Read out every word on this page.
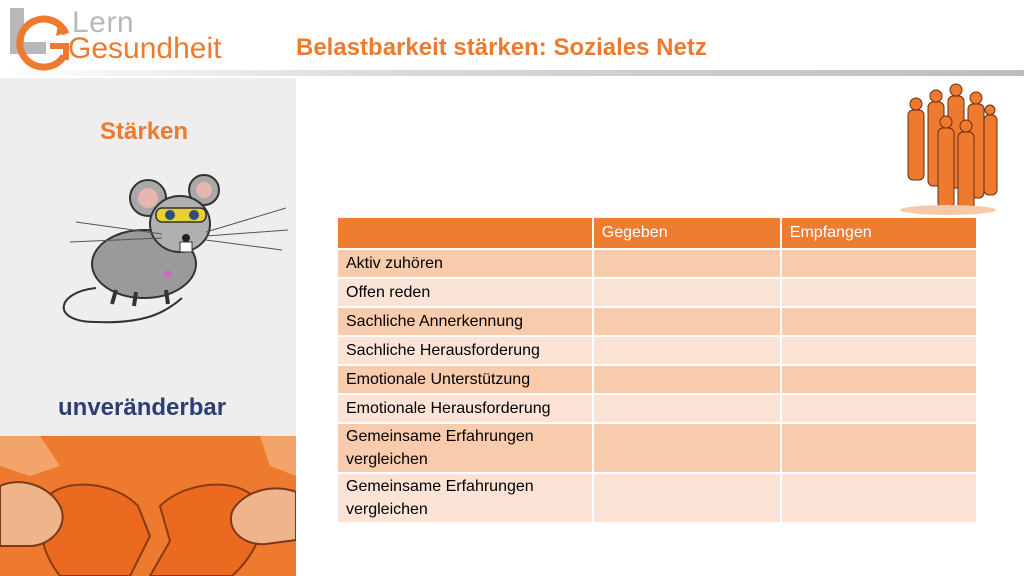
Lern
Gesundheit	Belastbarkeit stärken: Soziales Netz
Stärken
unveränderbar
	Gegeben	Empfangen
Aktiv zuhören		
Offen reden		
Sachliche Annerkennung		
Sachliche Herausforderung		
Emotionale Unterstützung		
Emotionale Herausforderung		
Gemeinsame Erfahrungen vergleichen		
Gemeinsame Erfahrungen vergleichen		
